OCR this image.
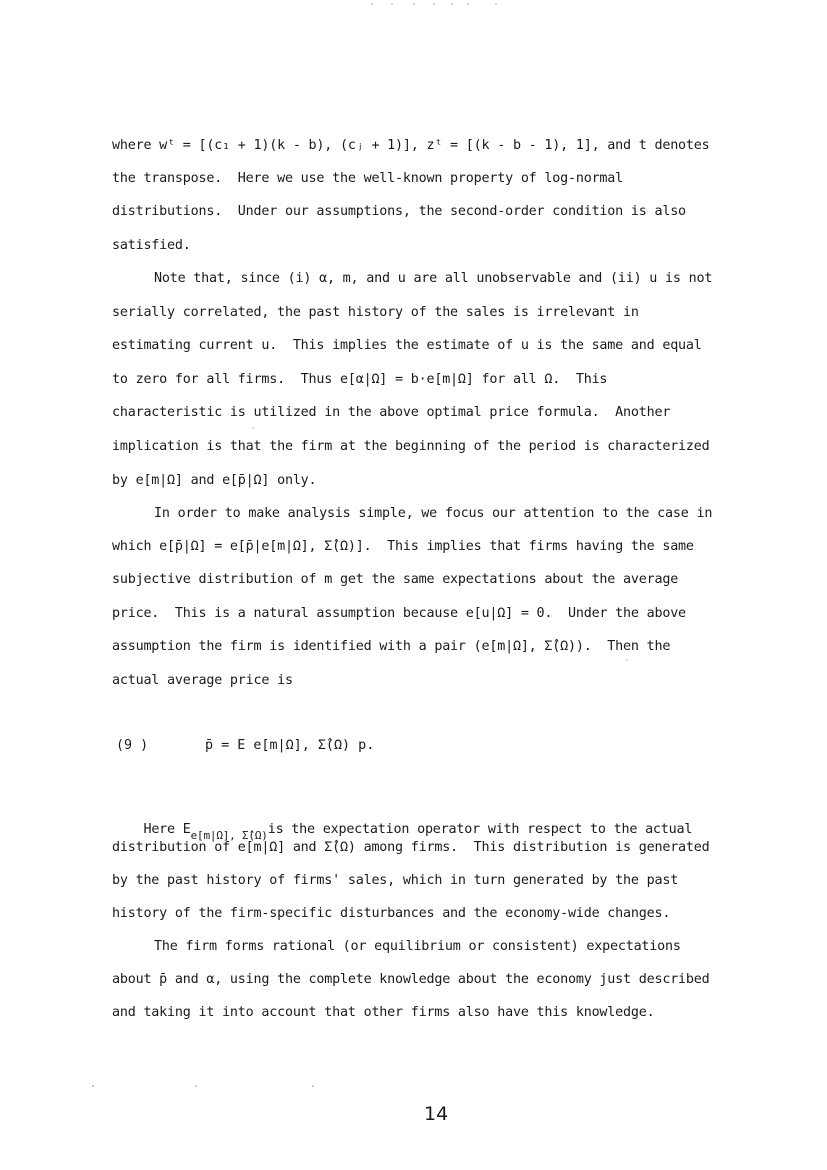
where wᵗ = [(c₁ + 1)(k - b), (cⱼ + 1)], zᵗ = [(k - b - 1), 1], and t denotes
the transpose.  Here we use the well-known property of log-normal
distributions.  Under our assumptions, the second-order condition is also
satisfied.
Note that, since (i) α, m, and u are all unobservable and (ii) u is not
serially correlated, the past history of the sales is irrelevant in
estimating current u.  This implies the estimate of u is the same and equal
to zero for all firms.  Thus e[α|Ω] = b·e[m|Ω] for all Ω.  This
characteristic is utilized in the above optimal price formula.  Another
implication is that the firm at the beginning of the period is characterized
by e[m|Ω] and e[p̄|Ω] only.
In order to make analysis simple, we focus our attention to the case in
which e[p̄|Ω] = e[p̄|e[m|Ω], Σ̂(Ω)].  This implies that firms having the same
subjective distribution of m get the same expectations about the average
price.  This is a natural assumption because e[u|Ω] = 0.  Under the above
assumption the firm is identified with a pair (e[m|Ω], Σ̂(Ω)).  Then the
actual average price is
(9 )	p̄ = E e[m|Ω], Σ̂(Ω) p.

Here $E_{e[m|\Omega], \Sigmâ(\Omega)}is$ the expectation operator with respect to the actual

distribution of e[m|Ω] and Σ̂(Ω) among firms.  This distribution is generated
by the past history of firms' sales, which in turn generated by the past
history of the firm-specific disturbances and the economy-wide changes.
The firm forms rational (or equilibrium or consistent) expectations
about p̄ and α, using the complete knowledge about the economy just described
and taking it into account that other firms also have this knowledge.
14
